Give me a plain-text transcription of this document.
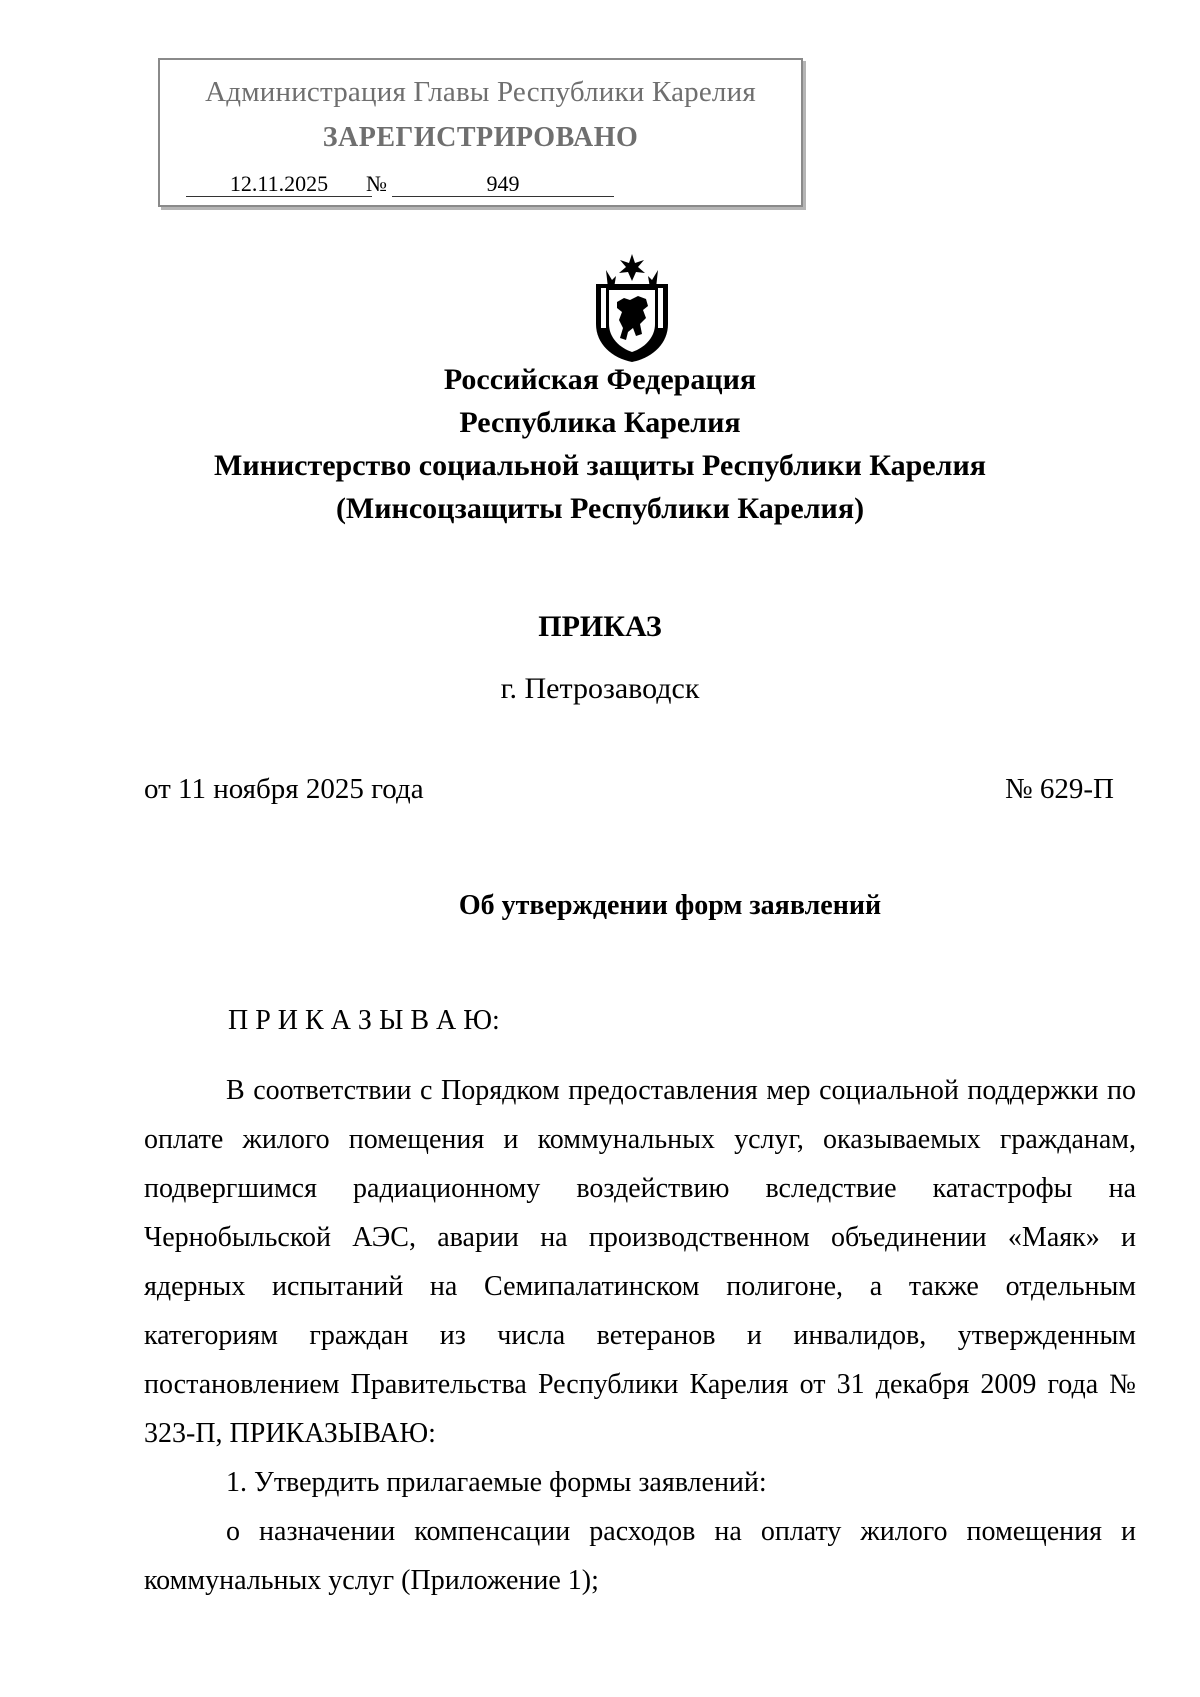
Администрация Главы Республики Карелия
ЗАРЕГИСТРИРОВАНО
12.11.2025	№	949
Российская Федерация
Республика Карелия
Министерство социальной защиты Республики Карелия
(Минсоцзащиты Республики Карелия)
ПРИКАЗ
г. Петрозаводск
от 11 ноября 2025 года	№ 629-П
Об утверждении форм заявлений
П Р И К А З Ы В А Ю:
В соответствии с Порядком предоставления мер социальной поддержки по оплате жилого помещения и коммунальных услуг, оказываемых гражданам, подвергшимся радиационному воздействию вследствие катастрофы на Чернобыльской АЭС, аварии на производственном объединении «Маяк» и ядерных испытаний на Семипалатинском полигоне, а также отдельным категориям граждан из числа ветеранов и инвалидов, утвержденным постановлением Правительства Республики Карелия от 31 декабря 2009 года № 323-П, ПРИКАЗЫВАЮ:
1. Утвердить прилагаемые формы заявлений:
о назначении компенсации расходов на оплату жилого помещения и коммунальных услуг (Приложение 1);
